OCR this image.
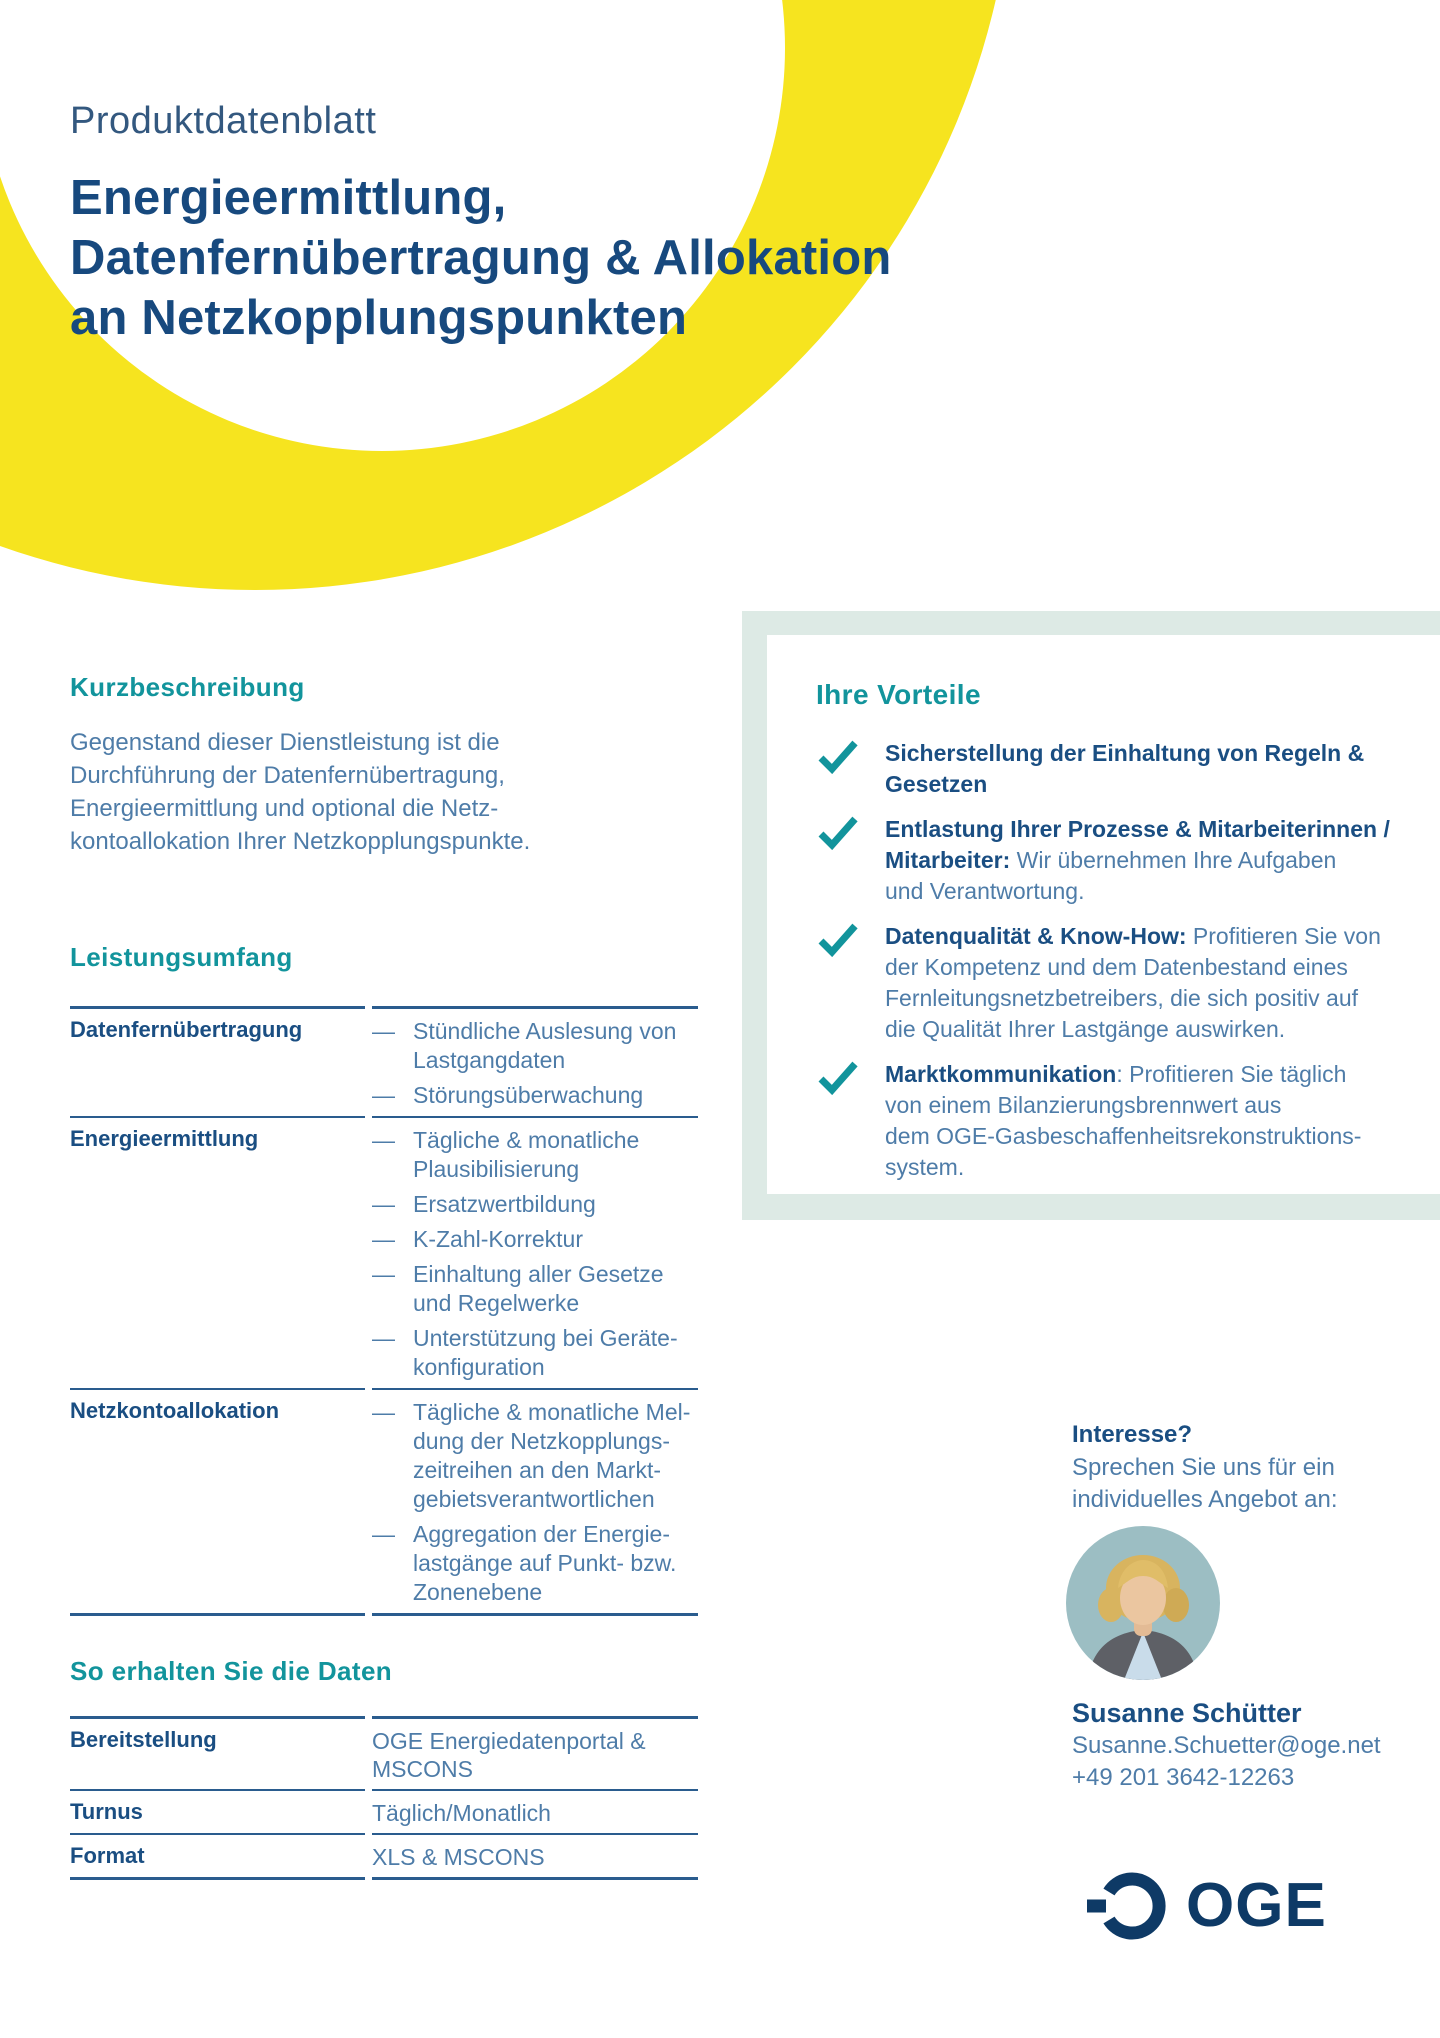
Produktdatenblatt
Energieermittlung,
Datenfernübertragung & Allokation
an Netzkopplungspunkten
Kurzbeschreibung
Gegenstand dieser Dienstleistung ist die
Durchführung der Datenfernübertragung,
Energieermittlung und optional die Netz-
kontoallokation Ihrer Netzkopplungspunkte.
Leistungsumfang
Datenfernübertragung	— Stündliche Auslesung von
Lastgangdaten
— Störungsüberwachung
Energieermittlung	— Tägliche & monatliche
Plausibilisierung
— Ersatzwertbildung
— K-Zahl-Korrektur
— Einhaltung aller Gesetze
und Regelwerke
— Unterstützung bei Geräte-
konfiguration
Netzkontoallokation	— Tägliche & monatliche Mel-
dung der Netzkopplungs-
zeitreihen an den Markt-
gebietsverantwortlichen
— Aggregation der Energie-
lastgänge auf Punkt- bzw.
Zonenebene
So erhalten Sie die Daten
Bereitstellung	OGE Energiedatenportal &
MSCONS
Turnus	Täglich/Monatlich
Format	XLS & MSCONS
Ihre Vorteile
Sicherstellung der Einhaltung von Regeln &
Gesetzen
Entlastung Ihrer Prozesse & Mitarbeiterinnen /
Mitarbeiter: Wir übernehmen Ihre Aufgaben
und Verantwortung.
Datenqualität & Know-How: Profitieren Sie von
der Kompetenz und dem Datenbestand eines
Fernleitungsnetzbetreibers, die sich positiv auf
die Qualität Ihrer Lastgänge auswirken.
Marktkommunikation: Profitieren Sie täglich
von einem Bilanzierungsbrennwert aus
dem OGE-Gasbeschaffenheitsrekonstruktions-
system.
Interesse?
Sprechen Sie uns für ein
individuelles Angebot an:
Susanne Schütter
Susanne.Schuetter@oge.net
+49 201 3642-12263
OGE
